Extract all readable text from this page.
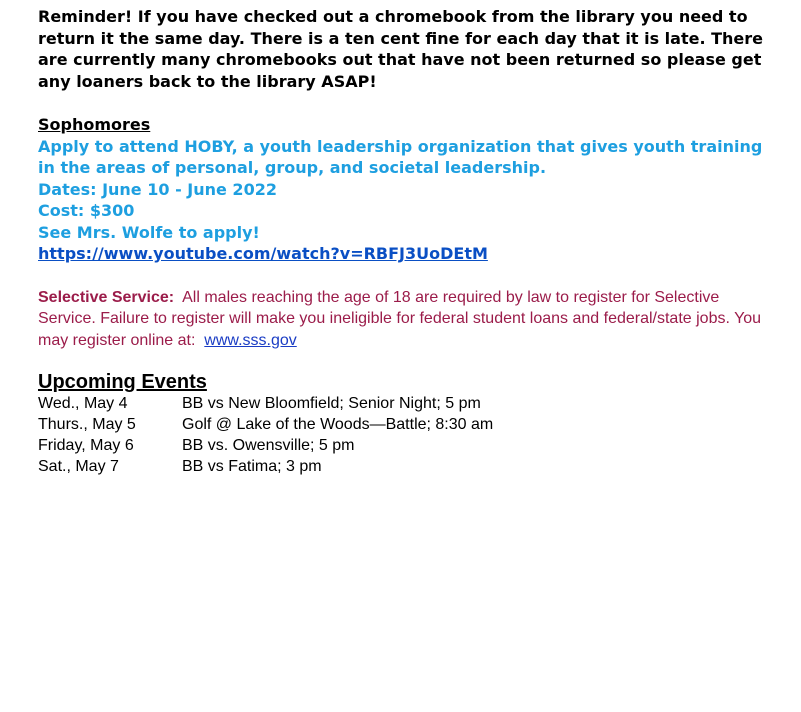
Reminder! If you have checked out a chromebook from the library you need to return it the same day. There is a ten cent fine for each day that it is late. There are currently many chromebooks out that have not been returned so please get any loaners back to the library ASAP!

Sophomores

Apply to attend HOBY, a youth leadership organization that gives youth training in the areas of personal, group, and societal leadership.
Dates: June 10 - June 2022
Cost: $300
See Mrs. Wolfe to apply!
https://www.youtube.com/watch?v=RBFJ3UoDEtM

Selective Service: All males reaching the age of 18 are required by law to register for Selective Service. Failure to register will make you ineligible for federal student loans and federal/state jobs. You may register online at: www.sss.gov

Upcoming Events

Wed., May 4	BB vs New Bloomfield; Senior Night; 5 pm
Thurs., May 5	Golf @ Lake of the Woods—Battle; 8:30 am
Friday, May 6	BB vs. Owensville; 5 pm
Sat., May 7	BB vs Fatima; 3 pm
